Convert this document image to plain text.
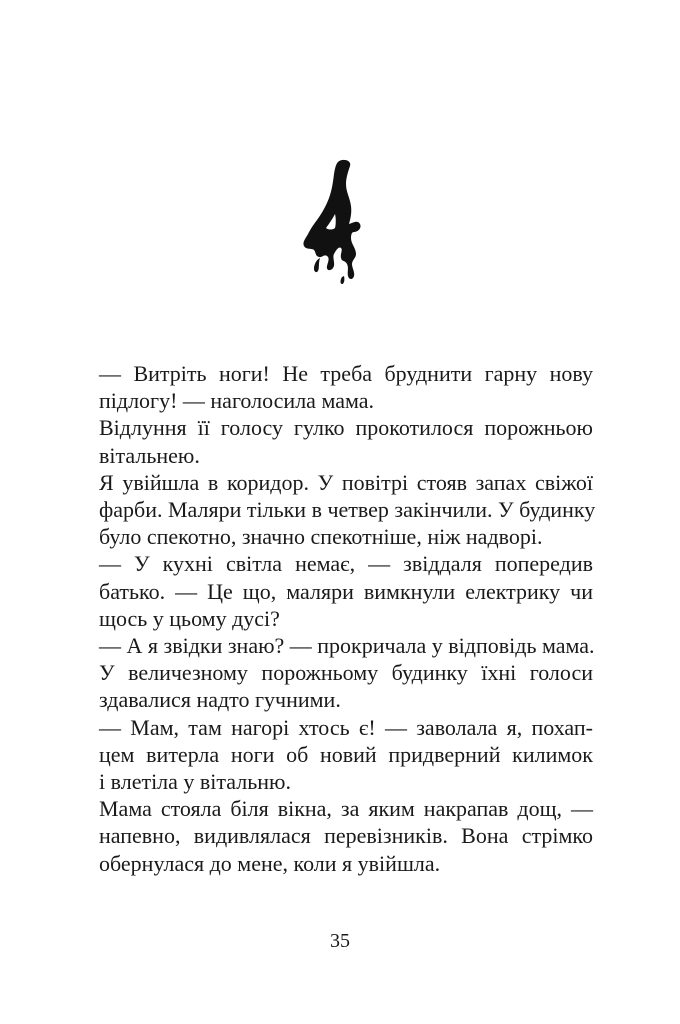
— Витріть ноги! Не треба бруднити гарну нову
підлогу! — наголосила мама.

Відлуння її голосу гулко прокотилося порожньою
вітальнею.

Я увійшла в коридор. У повітрі стояв запах свіжої
фарби. Маляри тільки в четвер закінчили. У будинку
було спекотно, значно спекотніше, ніж надворі.

— У кухні світла немає, — звіддаля попередив
батько. — Це що, маляри вимкнули електрику чи
щось у цьому дусі?

— А я звідки знаю? — прокричала у відповідь мама.

У величезному порожньому будинку їхні голоси
здавалися надто гучними.

— Мам, там нагорі хтось є! — заволала я, похап-
цем витерла ноги об новий придверний килимок
і влетіла у вітальню.

Мама стояла біля вікна, за яким накрапав дощ, —
напевно, видивлялася перевізників. Вона стрімко
обернулася до мене, коли я увійшла.

35
